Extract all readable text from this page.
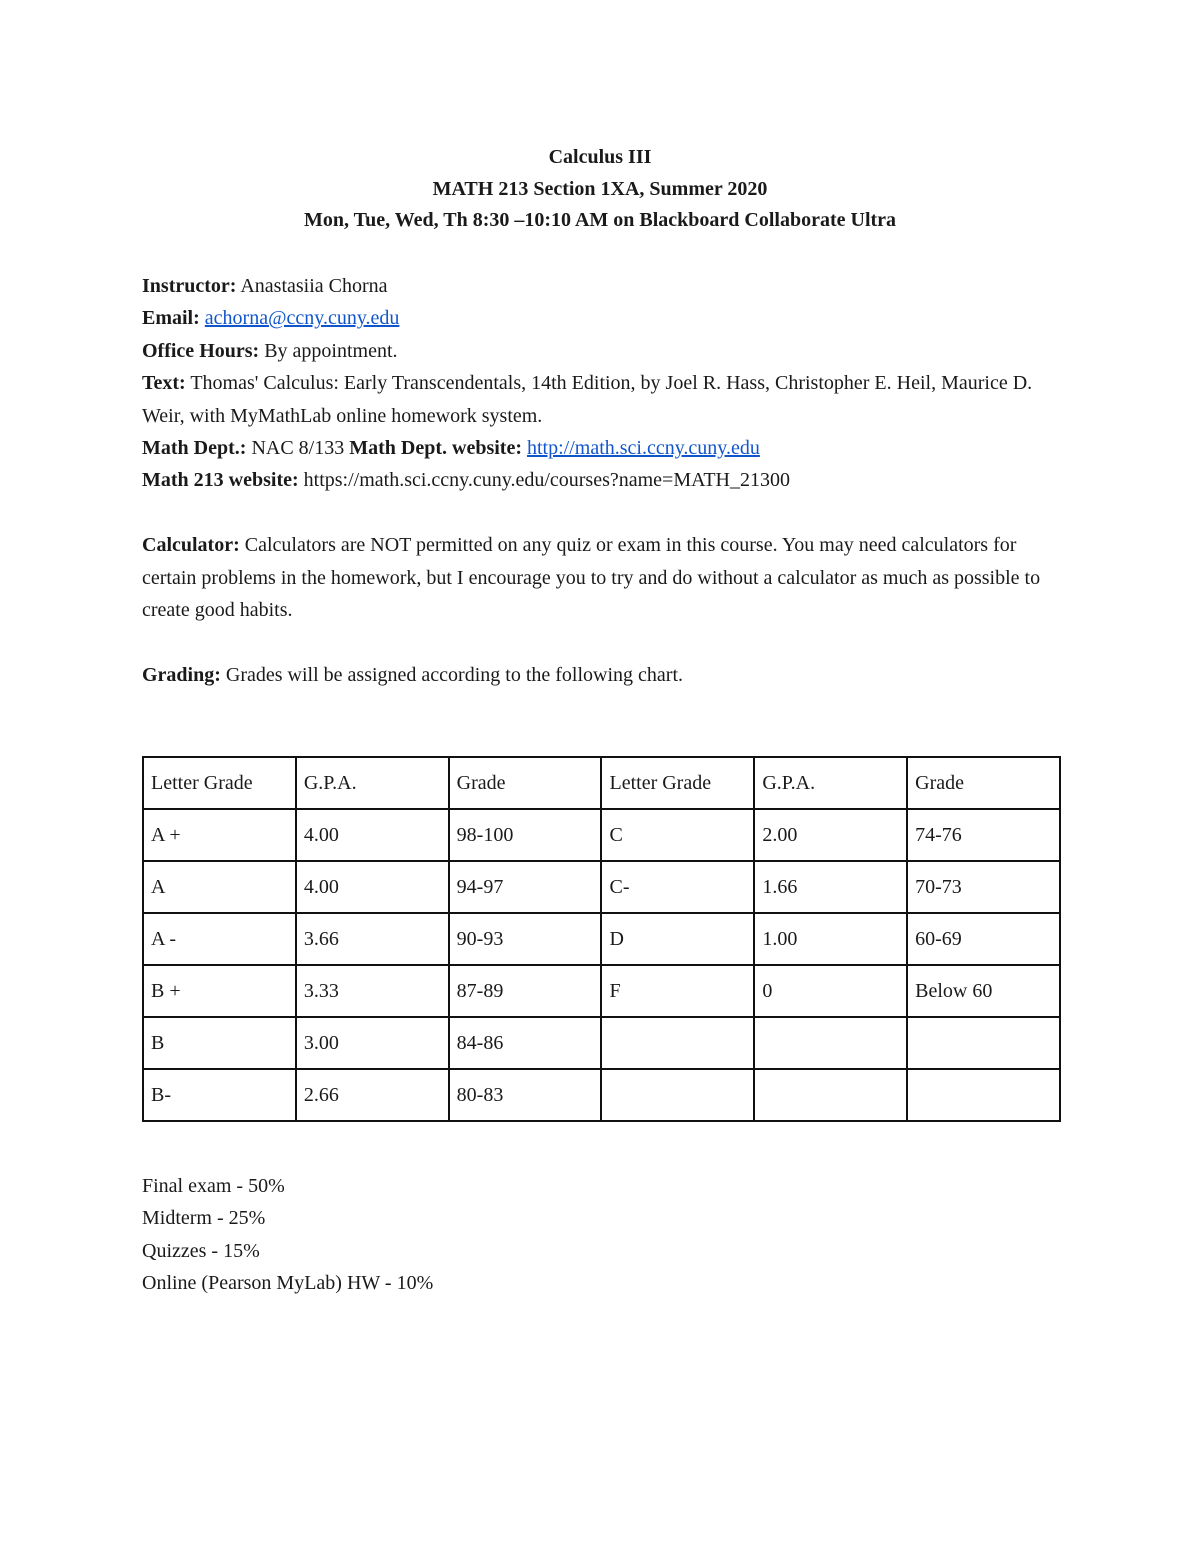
Calculus III
MATH 213 Section 1XA, Summer 2020
Mon, Tue, Wed, Th 8:30 –10:10 AM on Blackboard Collaborate Ultra
Instructor: Anastasiia Chorna
Email: achorna@ccny.cuny.edu
Office Hours: By appointment.
Text: Thomas' Calculus: Early Transcendentals, 14th Edition, by Joel R. Hass, Christopher E. Heil, Maurice D. Weir, with MyMathLab online homework system.
Math Dept.: NAC 8/133 Math Dept. website: http://math.sci.ccny.cuny.edu
Math 213 website: https://math.sci.ccny.cuny.edu/courses?name=MATH_21300
Calculator: Calculators are NOT permitted on any quiz or exam in this course. You may need calculators for certain problems in the homework, but I encourage you to try and do without a calculator as much as possible to create good habits.
Grading: Grades will be assigned according to the following chart.
Letter Grade	G.P.A.	Grade	Letter Grade	G.P.A.	Grade
A +	4.00	98-100	C	2.00	74-76
A	4.00	94-97	C-	1.66	70-73
A -	3.66	90-93	D	1.00	60-69
B +	3.33	87-89	F	0	Below 60
B	3.00	84-86			
B-	2.66	80-83			
Final exam - 50%
Midterm - 25%
Quizzes - 15%
Online (Pearson MyLab) HW - 10%
